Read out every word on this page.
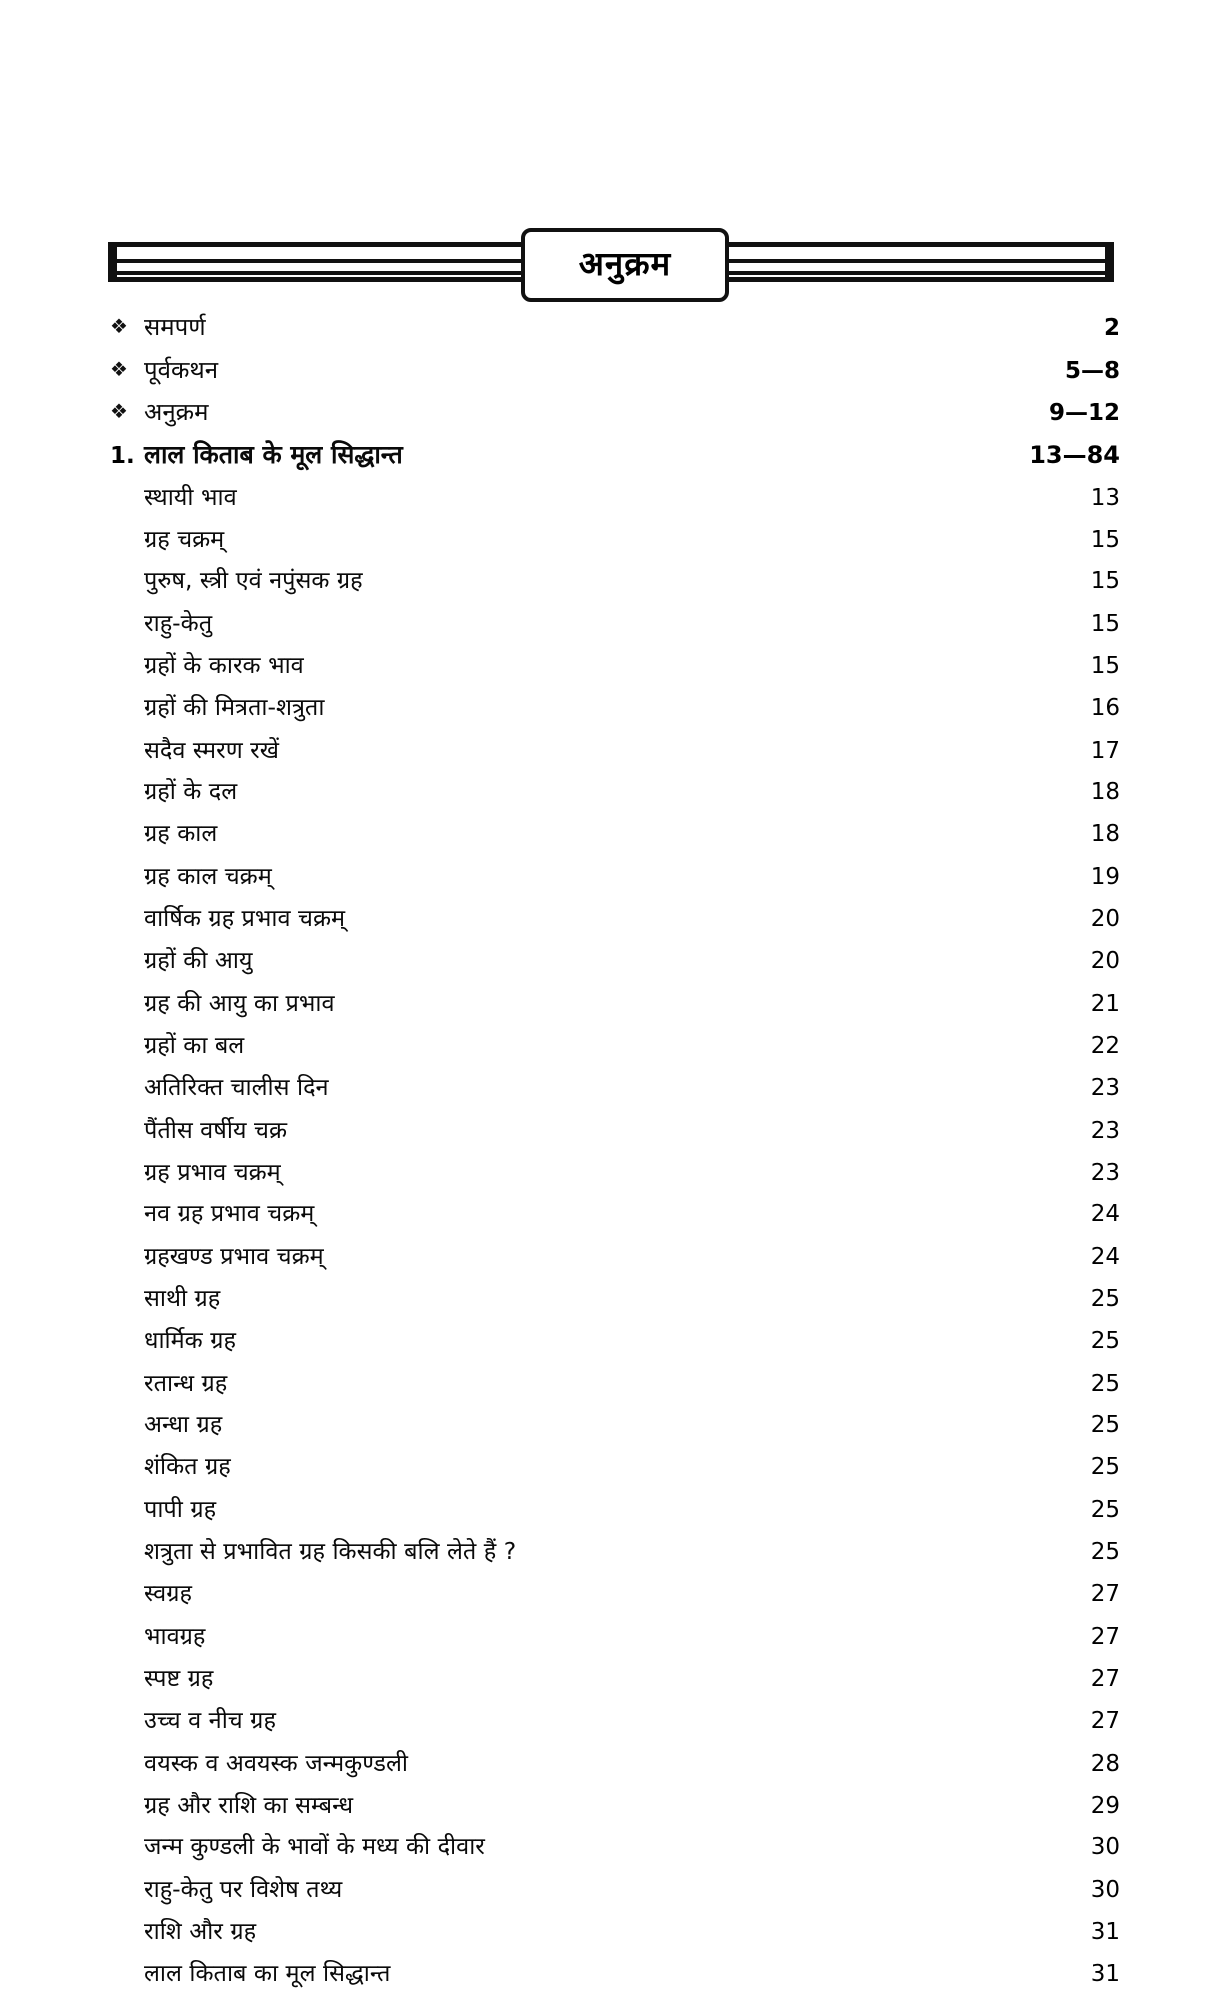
अनुक्रम
❖ समपर्ण	2
❖ पूर्वकथन	5—8
❖ अनुक्रम	9—12
1. लाल किताब के मूल सिद्धान्त	13—84
स्थायी भाव	13
ग्रह चक्रम्	15
पुरुष, स्त्री एवं नपुंसक ग्रह	15
राहु-केतु	15
ग्रहों के कारक भाव	15
ग्रहों की मित्रता-शत्रुता	16
सदैव स्मरण रखें	17
ग्रहों के दल	18
ग्रह काल	18
ग्रह काल चक्रम्	19
वार्षिक ग्रह प्रभाव चक्रम्	20
ग्रहों की आयु	20
ग्रह की आयु का प्रभाव	21
ग्रहों का बल	22
अतिरिक्त चालीस दिन	23
पैंतीस वर्षीय चक्र	23
ग्रह प्रभाव चक्रम्	23
नव ग्रह प्रभाव चक्रम्	24
ग्रहखण्ड प्रभाव चक्रम्	24
साथी ग्रह	25
धार्मिक ग्रह	25
रतान्ध ग्रह	25
अन्धा ग्रह	25
शंकित ग्रह	25
पापी ग्रह	25
शत्रुता से प्रभावित ग्रह किसकी बलि लेते हैं ?	25
स्वग्रह	27
भावग्रह	27
स्पष्ट ग्रह	27
उच्च व नीच ग्रह	27
वयस्क व अवयस्क जन्मकुण्डली	28
ग्रह और राशि का सम्बन्ध	29
जन्म कुण्डली के भावों के मध्य की दीवार	30
राहु-केतु पर विशेष तथ्य	30
राशि और ग्रह	31
लाल किताब का मूल सिद्धान्त	31
